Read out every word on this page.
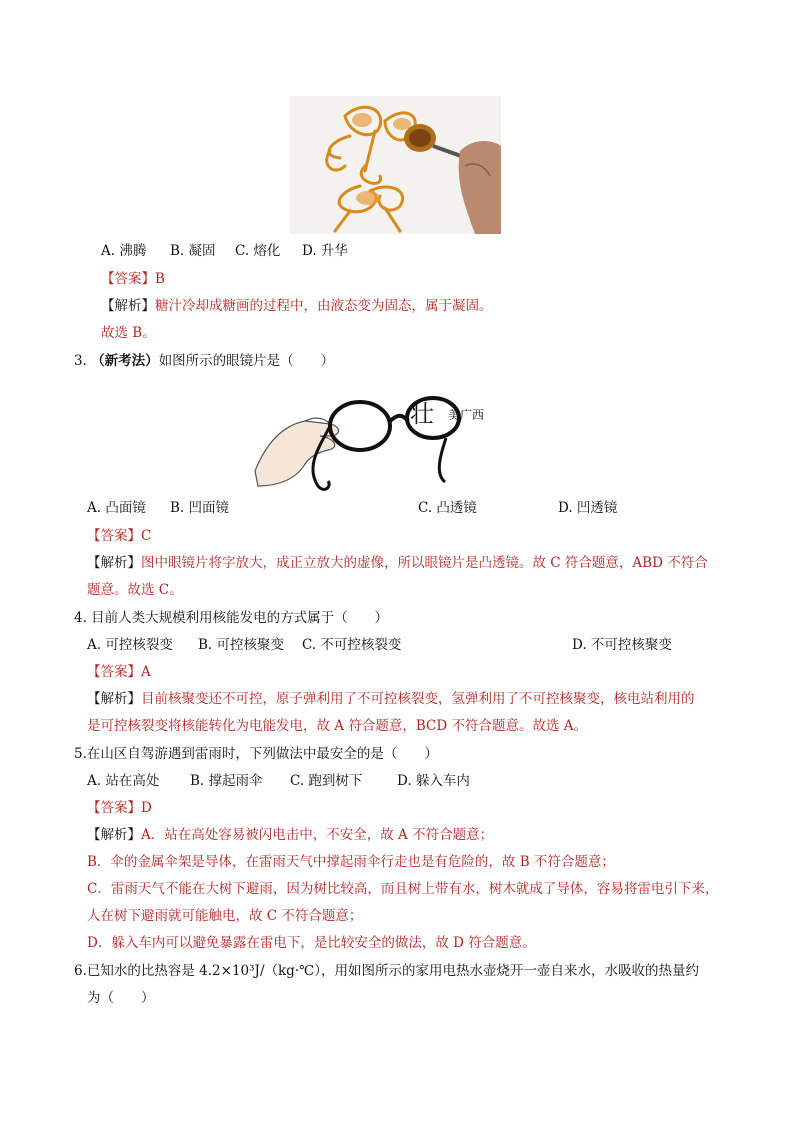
A. 沸腾 B. 凝固 C. 熔化 D. 升华
【答案】B
【解析】糖汁冷却成糖画的过程中，由液态变为固态，属于凝固。
故选 B。
3. （新考法）如图所示的眼镜片是（　　）
壮 美广西
A. 凸面镜 B. 凹面镜	C. 凸透镜	D. 凹透镜
【答案】C
【解析】图中眼镜片将字放大，成正立放大的虚像，所以眼镜片是凸透镜。故 C 符合题意，ABD 不符合
题意。故选 C。
4. 目前人类大规模利用核能发电的方式属于（　　）
A. 可控核裂变 B. 可控核聚变 C. 不可控核裂变	D. 不可控核聚变
【答案】A
【解析】目前核聚变还不可控，原子弹利用了不可控核裂变，氢弹利用了不可控核聚变，核电站利用的
是可控核裂变将核能转化为电能发电，故 A 符合题意，BCD 不符合题意。故选 A。
5.在山区自驾游遇到雷雨时，下列做法中最安全的是（　　）
A. 站在高处 B. 撑起雨伞 C. 跑到树下	D. 躲入车内
【答案】D
【解析】A．站在高处容易被闪电击中，不安全，故 A 不符合题意；
B．伞的金属伞架是导体，在雷雨天气中撑起雨伞行走也是有危险的，故 B 不符合题意；
C．雷雨天气不能在大树下避雨，因为树比较高，而且树上带有水，树木就成了导体，容易将雷电引下来，
人在树下避雨就可能触电，故 C 不符合题意；
D．躲入车内可以避免暴露在雷电下，是比较安全的做法，故 D 符合题意。
6.已知水的比热容是 4.2×10³J/（kg·℃），用如图所示的家用电热水壶烧开一壶自来水，水吸收的热量约
为（　　）
